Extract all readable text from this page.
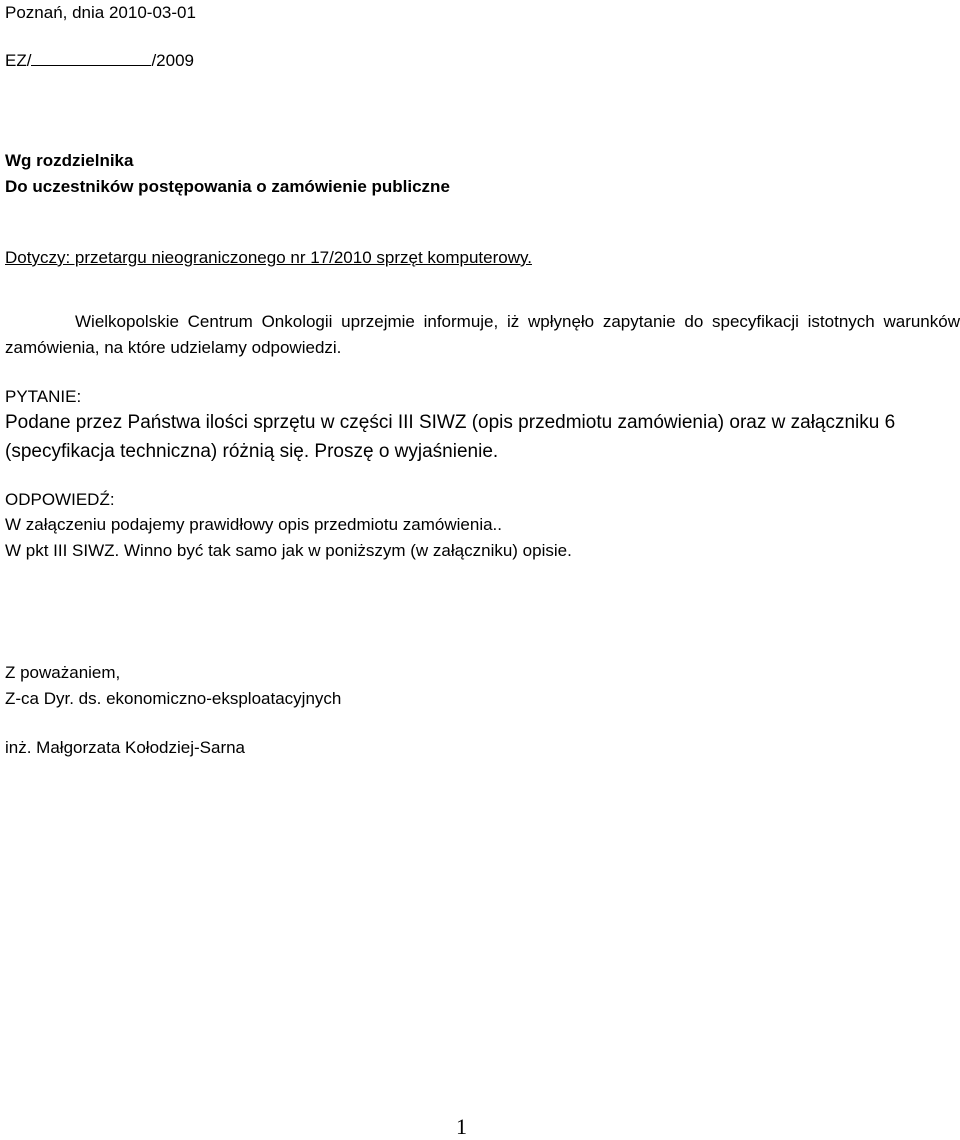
Poznań, dnia 2010-03-01
EZ/	/2009
Wg rozdzielnika
Do uczestników postępowania o zamówienie publiczne
Dotyczy: przetargu nieograniczonego nr 17/2010 sprzęt komputerowy.
Wielkopolskie Centrum Onkologii uprzejmie informuje, iż wpłynęło zapytanie do specyfikacji istotnych warunków zamówienia, na które udzielamy odpowiedzi.
PYTANIE:
Podane przez Państwa ilości sprzętu w części III SIWZ (opis przedmiotu zamówienia) oraz w załączniku 6
(specyfikacja techniczna) różnią się. Proszę o wyjaśnienie.
ODPOWIEDŹ:
W załączeniu podajemy prawidłowy opis przedmiotu zamówienia..
W pkt III SIWZ. Winno być tak samo jak w poniższym (w załączniku) opisie.
Z poważaniem,
Z-ca Dyr. ds. ekonomiczno-eksploatacyjnych
inż. Małgorzata Kołodziej-Sarna
1
